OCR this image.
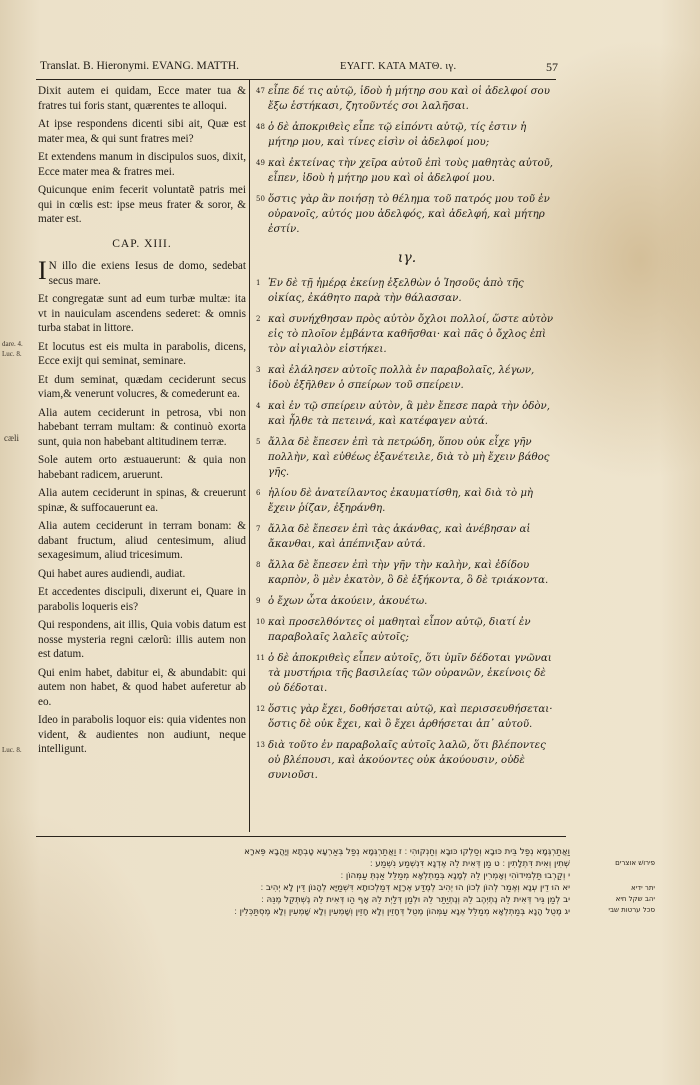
Translat. B. Hieronymi. EVANG. MATTH.	ΕΥΑΓΓ. ΚΑΤΑ ΜΑΤΘ. ιγ.	57

Dixit autem ei quidam, Ecce mater tua & fratres tui foris stant, quærentes te alloqui.

At ipse respondens dicenti sibi ait, Quæ est mater mea, & qui sunt fratres mei?

Et extendens manum in discipulos suos, dixit, Ecce mater mea & fratres mei.

Quicunque enim fecerit voluntatẽ patris mei qui in cœlis est: ipse meus frater & soror, & mater est.

CAP. XIII.

I N illo die exiens Iesus de domo, sedebat secus mare.

Et congregatæ sunt ad eum turbæ multæ: ita vt in nauiculam ascendens sederet: & omnis turba stabat in littore.

Et locutus est eis multa in parabolis, dicens, Ecce exijt qui seminat, seminare.

Et dum seminat, quædam ceciderunt secus viam,& venerunt volucres, & comederunt ea.

Alia autem ceciderunt in petrosa, vbi non habebant terram multam: & continuò exorta sunt, quia non habebant altitudinem terræ.

Sole autem orto æstuauerunt: & quia non habebant radicem, aruerunt.

Alia autem ceciderunt in spinas, & creuerunt spinæ, & suffocauerunt ea.

Alia autem ceciderunt in terram bonam: & dabant fructum, aliud centesimum, aliud sexagesimum, aliud tricesimum.

Qui habet aures audiendi, audiat.

Et accedentes discipuli, dixerunt ei, Quare in parabolis loqueris eis?

Qui respondens, ait illis, Quia vobis datum est nosse mysteria regni cælorũ: illis autem non est datum.

Qui enim habet, dabitur ei, & abundabit: qui autem non habet, & quod habet auferetur ab eo.

Ideo in parabolis loquor eis: quia videntes non vident, & audientes non audiunt, neque intelligunt.

dare. 4.
Luc. 8.
cæli
Luc. 8.
47 εἶπε δέ τις αὐτῷ, ἰδοὺ ἡ μήτηρ σου καὶ οἱ ἀδελφοί σου ἔξω ἑστήκασι, ζητοῦντές σοι λαλῆσαι.
48 ὁ δὲ ἀποκριθεὶς εἶπε τῷ εἰπόντι αὐτῷ, τίς ἐστιν ἡ μήτηρ μου, καὶ τίνες εἰσὶν οἱ ἀδελφοί μου;
49 καὶ ἐκτείνας τὴν χεῖρα αὐτοῦ ἐπὶ τοὺς μαθητὰς αὐτοῦ, εἶπεν, ἰδοὺ ἡ μήτηρ μου καὶ οἱ ἀδελφοί μου.
50 ὅστις γὰρ ἂν ποιήσῃ τὸ θέλημα τοῦ πατρός μου τοῦ ἐν οὐρανοῖς, αὐτός μου ἀδελφός, καὶ ἀδελφή, καὶ μήτηρ ἐστίν.
ιγ.
1 Ἐν δὲ τῇ ἡμέρᾳ ἐκείνῃ ἐξελθὼν ὁ Ἰησοῦς ἀπὸ τῆς οἰκίας, ἐκάθητο παρὰ τὴν θάλασσαν.
2 καὶ συνήχθησαν πρὸς αὐτὸν ὄχλοι πολλοί, ὥστε αὐτὸν εἰς τὸ πλοῖον ἐμβάντα καθῆσθαι· καὶ πᾶς ὁ ὄχλος ἐπὶ τὸν αἰγιαλὸν εἱστήκει.
3 καὶ ἐλάλησεν αὐτοῖς πολλὰ ἐν παραβολαῖς, λέγων, ἰδοὺ ἐξῆλθεν ὁ σπείρων τοῦ σπείρειν.
4 καὶ ἐν τῷ σπείρειν αὐτὸν, ἃ μὲν ἔπεσε παρὰ τὴν ὁδὸν, καὶ ἦλθε τὰ πετεινά, καὶ κατέφαγεν αὐτά.
5 ἄλλα δὲ ἔπεσεν ἐπὶ τὰ πετρώδη, ὅπου οὐκ εἶχε γῆν πολλὴν, καὶ εὐθέως ἐξανέτειλε, διὰ τὸ μὴ ἔχειν βάθος γῆς.
6 ἡλίου δὲ ἀνατείλαντος ἐκαυματίσθη, καὶ διὰ τὸ μὴ ἔχειν ῥίζαν, ἐξηράνθη.
7 ἄλλα δὲ ἔπεσεν ἐπὶ τὰς ἀκάνθας, καὶ ἀνέβησαν αἱ ἄκανθαι, καὶ ἀπέπνιξαν αὐτά.
8 ἄλλα δὲ ἔπεσεν ἐπὶ τὴν γῆν τὴν καλὴν, καὶ ἐδίδου καρπὸν, ὃ μὲν ἑκατὸν, ὃ δὲ ἑξήκοντα, ὃ δὲ τριάκοντα.
9 ὁ ἔχων ὦτα ἀκούειν, ἀκουέτω.
10 καὶ προσελθόντες οἱ μαθηταὶ εἶπον αὐτῷ, διατί ἐν παραβολαῖς λαλεῖς αὐτοῖς;
11 ὁ δὲ ἀποκριθεὶς εἶπεν αὐτοῖς, ὅτι ὑμῖν δέδοται γνῶναι τὰ μυστήρια τῆς βασιλείας τῶν οὐρανῶν, ἐκείνοις δὲ οὐ δέδοται.
12 ὅστις γὰρ ἔχει, δοθήσεται αὐτῷ, καὶ περισσευθήσεται· ὅστις δὲ οὐκ ἔχει, καὶ ὃ ἔχει ἀρθήσεται ἀπ᾽ αὐτοῦ.
13 διὰ τοῦτο ἐν παραβολαῖς αὐτοῖς λαλῶ, ὅτι βλέποντες οὐ βλέπουσι, καὶ ἀκούοντες οὐκ ἀκούουσιν, οὐδὲ συνιοῦσι.

וַאֲתַרְגְּמָא נְפַל בֵּית כּוּבָא וְסַלְקוּ כּוּבָא וְחַנְקוּהִי ׃ ז וַאֲתַרְגְּמָא נְפַל בְּאַרְעָא טָבְתָא וְיָהֲבָא פֵּארָא

שְׁתִין וְאִית דִּתְלָתִין ׃ ט מַן דְּאִית לֵהּ אֶדְנָא דִּנְשְׁמַע נִשְׁמַע ׃

י וְקַרְבוּ תַּלְמִידוֹהִי וְאָמְרִין לֵהּ לְמָנָא בְּמַתְלְאָא מְמַלֵּל אַנְתְּ עַמְּהוֹן ׃

יא הוּ דֵין עְנָא וְאֶמַר לְהוֹן לְכוֹן הוּ יְהִיב לְמֶדַּע אֶרָזָא דְּמַלְכוּתָא דִּשְׁמַיָּא לְהָנוֹן דֵּין לָא יְהִיב ׃

יב לְמַן גֵּיר דְּאִית לֵהּ נֶתְיְהֶב לֵהּ וְנֶתְיַתַּר לֵהּ וּלְמַן דְּלַיְת לֵהּ אָף הַו דְּאִית לֵהּ נֶשְׁתְּקֵל מֶנֵּהּ ׃

יג מֶטֻל הָנָא בְּמַתְלְאָא מְמַלֵּל אְנָא עַמְּהוֹן מֶטֻל דְּחָזֵין וְלָא חָזֵין וְשָׁמְעִין וְלָא שָׁמְעִין וְלָא מֶסְתַּכְּלִין ׃

פירושׁ אוצרים
יתר ידיא
יהב שקל חיא
סכל ערטות שבי
